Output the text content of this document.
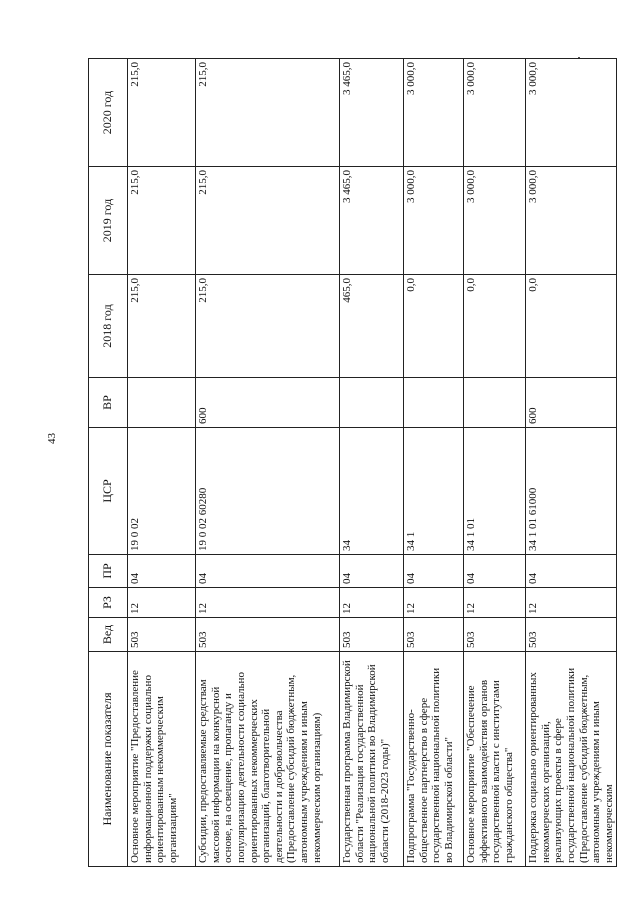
43
Наименование показателя	Вед	РЗ	ПР	ЦСР	ВР	2018 год	2019 год	2020 год
Основное мероприятие "Предоставление информационной поддержки социально ориентированным некоммерческим организациям"	503	12	04	19 0 02		215,0	215,0	215,0
Субсидии, предоставляемые средствам массовой информации на конкурсной основе, на освещение, пропаганду и популяризацию деятельности социально ориентированных некоммерческих организаций, благотворительной деятельности и добровольчества (Предоставление субсидий бюджетным, автономным учреждениям и иным некоммерческим организациям)	503	12	04	19 0 02 60280	600	215,0	215,0	215,0
Государственная программа Владимирской области "Реализация государственной национальной политики во Владимирской области (2018-2023 годы)"	503	12	04	34		465,0	3 465,0	3 465,0
Подпрограмма "Государственно-общественное партнерство в сфере государственной национальной политики во Владимирской области"	503	12	04	34 1		0,0	3 000,0	3 000,0
Основное мероприятие "Обеспечение эффективного взаимодействия органов государственной власти с институтами гражданского общества"	503	12	04	34 1 01		0,0	3 000,0	3 000,0
Поддержка социально ориентированных некоммерческих организаций, реализующих проекты в сфере государственной национальной политики (Предоставление субсидий бюджетным, автономным учреждениям и иным некоммерческим	503	12	04	34 1 01 61000	600	0,0	3 000,0	3 000,0
